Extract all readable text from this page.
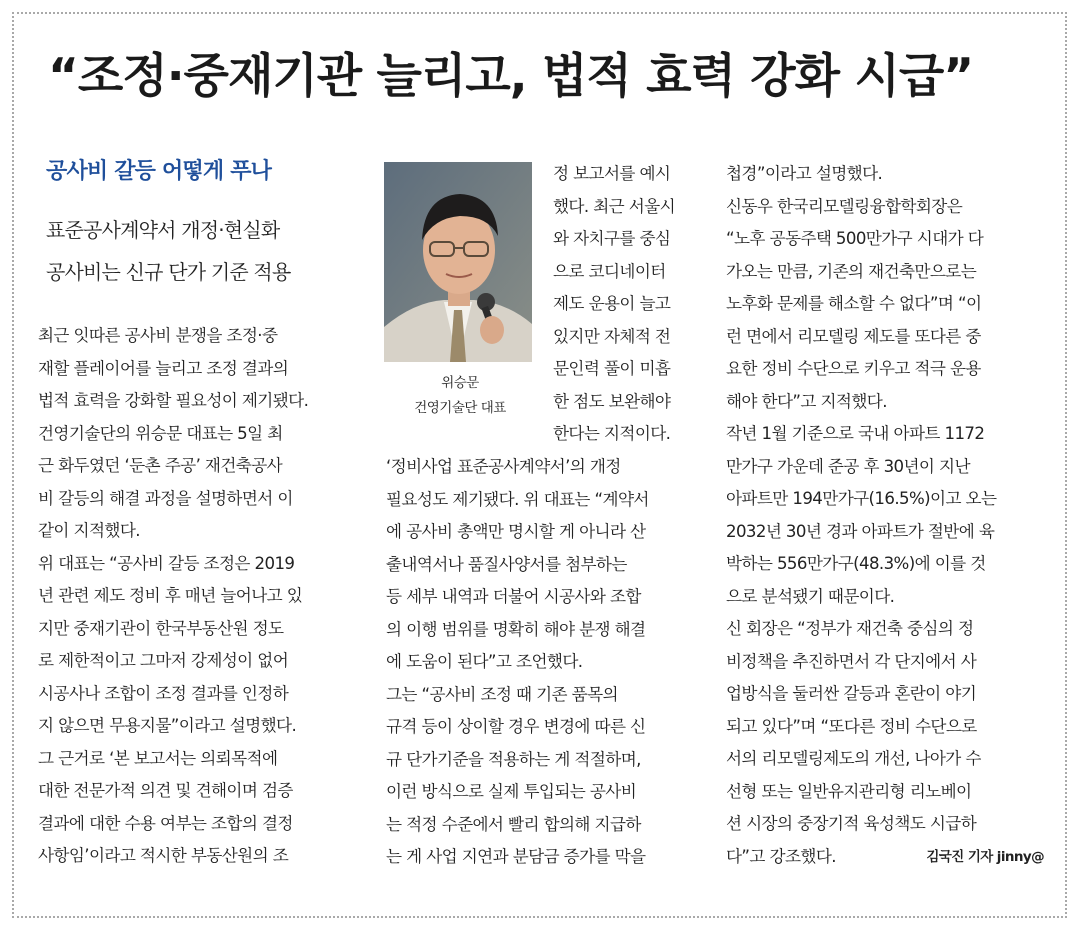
“조정·중재기관 늘리고, 법적 효력 강화 시급”
공사비 갈등 어떻게 푸나
표준공사계약서 개정·현실화
공사비는 신규 단가 기준 적용
위승문
건영기술단 대표
최근 잇따른 공사비 분쟁을 조정·중
재할 플레이어를 늘리고 조정 결과의
법적 효력을 강화할 필요성이 제기됐다.
건영기술단의 위승문 대표는 5일 최
근 화두였던 ‘둔촌 주공’ 재건축공사
비 갈등의 해결 과정을 설명하면서 이
같이 지적했다.
위 대표는 “공사비 갈등 조정은 2019
년 관련 제도 정비 후 매년 늘어나고 있
지만 중재기관이 한국부동산원 정도
로 제한적이고 그마저 강제성이 없어
시공사나 조합이 조정 결과를 인정하
지 않으면 무용지물”이라고 설명했다.
그 근거로 ‘본 보고서는 의뢰목적에
대한 전문가적 의견 및 견해이며 검증
결과에 대한 수용 여부는 조합의 결정
사항임’이라고 적시한 부동산원의 조
정 보고서를 예시
했다. 최근 서울시
와 자치구를 중심
으로 코디네이터
제도 운용이 늘고
있지만 자체적 전
문인력 풀이 미흡
한 점도 보완해야
한다는 지적이다.
‘정비사업 표준공사계약서’의 개정
필요성도 제기됐다. 위 대표는 “계약서
에 공사비 총액만 명시할 게 아니라 산
출내역서나 품질사양서를 첨부하는
등 세부 내역과 더불어 시공사와 조합
의 이행 범위를 명확히 해야 분쟁 해결
에 도움이 된다”고 조언했다.
그는 “공사비 조정 때 기존 품목의
규격 등이 상이할 경우 변경에 따른 신
규 단가기준을 적용하는 게 적절하며,
이런 방식으로 실제 투입되는 공사비
는 적정 수준에서 빨리 합의해 지급하
는 게 사업 지연과 분담금 증가를 막을
첩경”이라고 설명했다.
신동우 한국리모델링융합학회장은
“노후 공동주택 500만가구 시대가 다
가오는 만큼, 기존의 재건축만으로는
노후화 문제를 해소할 수 없다”며 “이
런 면에서 리모델링 제도를 또다른 중
요한 정비 수단으로 키우고 적극 운용
해야 한다”고 지적했다.
작년 1월 기준으로 국내 아파트 1172
만가구 가운데 준공 후 30년이 지난
아파트만 194만가구(16.5%)이고 오는
2032년 30년 경과 아파트가 절반에 육
박하는 556만가구(48.3%)에 이를 것
으로 분석됐기 때문이다.
신 회장은 “정부가 재건축 중심의 정
비정책을 추진하면서 각 단지에서 사
업방식을 둘러싼 갈등과 혼란이 야기
되고 있다”며 “또다른 정비 수단으로
서의 리모델링제도의 개선, 나아가 수
선형 또는 일반유지관리형 리노베이
션 시장의 중장기적 육성책도 시급하
다”고 강조했다.	김국진 기자 jinny@
